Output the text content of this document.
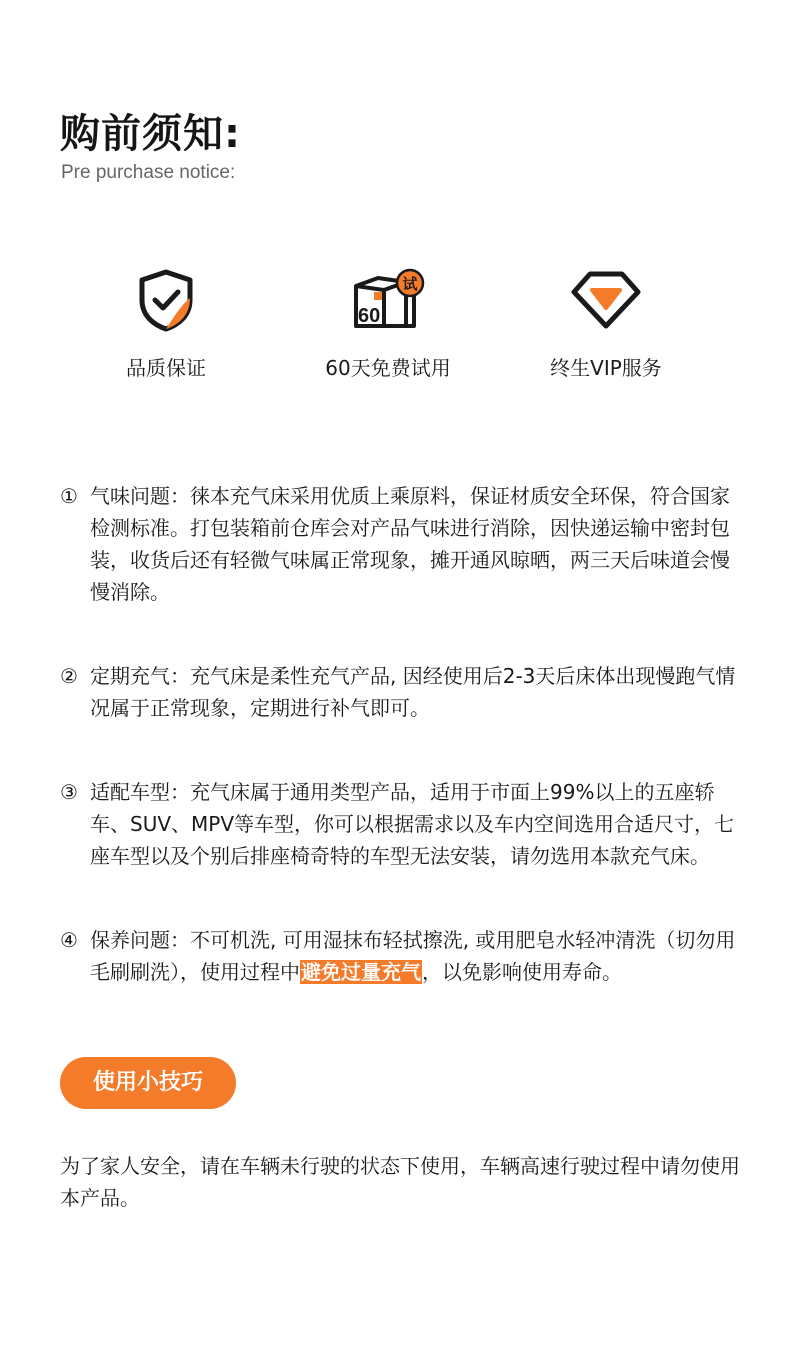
购前须知:
Pre purchase notice:
品质保证
60
试
60天免费试用	终生VIP服务
① 气味问题：徕本充气床采用优质上乘原料，保证材质安全环保，符合国家检测标准。打包装箱前仓库会对产品气味进行消除，因快递运输中密封包装，收货后还有轻微气味属正常现象，摊开通风晾晒，两三天后味道会慢慢消除。
② 定期充气：充气床是柔性充气产品, 因经使用后2-3天后床体出现慢跑气情况属于正常现象，定期进行补气即可。
③ 适配车型：充气床属于通用类型产品，适用于市面上99%以上的五座轿车、SUV、MPV等车型，你可以根据需求以及车内空间选用合适尺寸，七座车型以及个别后排座椅奇特的车型无法安装，请勿选用本款充气床。
④ 保养问题：不可机洗, 可用湿抹布轻拭擦洗, 或用肥皂水轻冲清洗（切勿用毛刷刷洗），使用过程中避免过量充气，以免影响使用寿命。
使用小技巧
为了家人安全，请在车辆未行驶的状态下使用，车辆高速行驶过程中请勿使用本产品。
